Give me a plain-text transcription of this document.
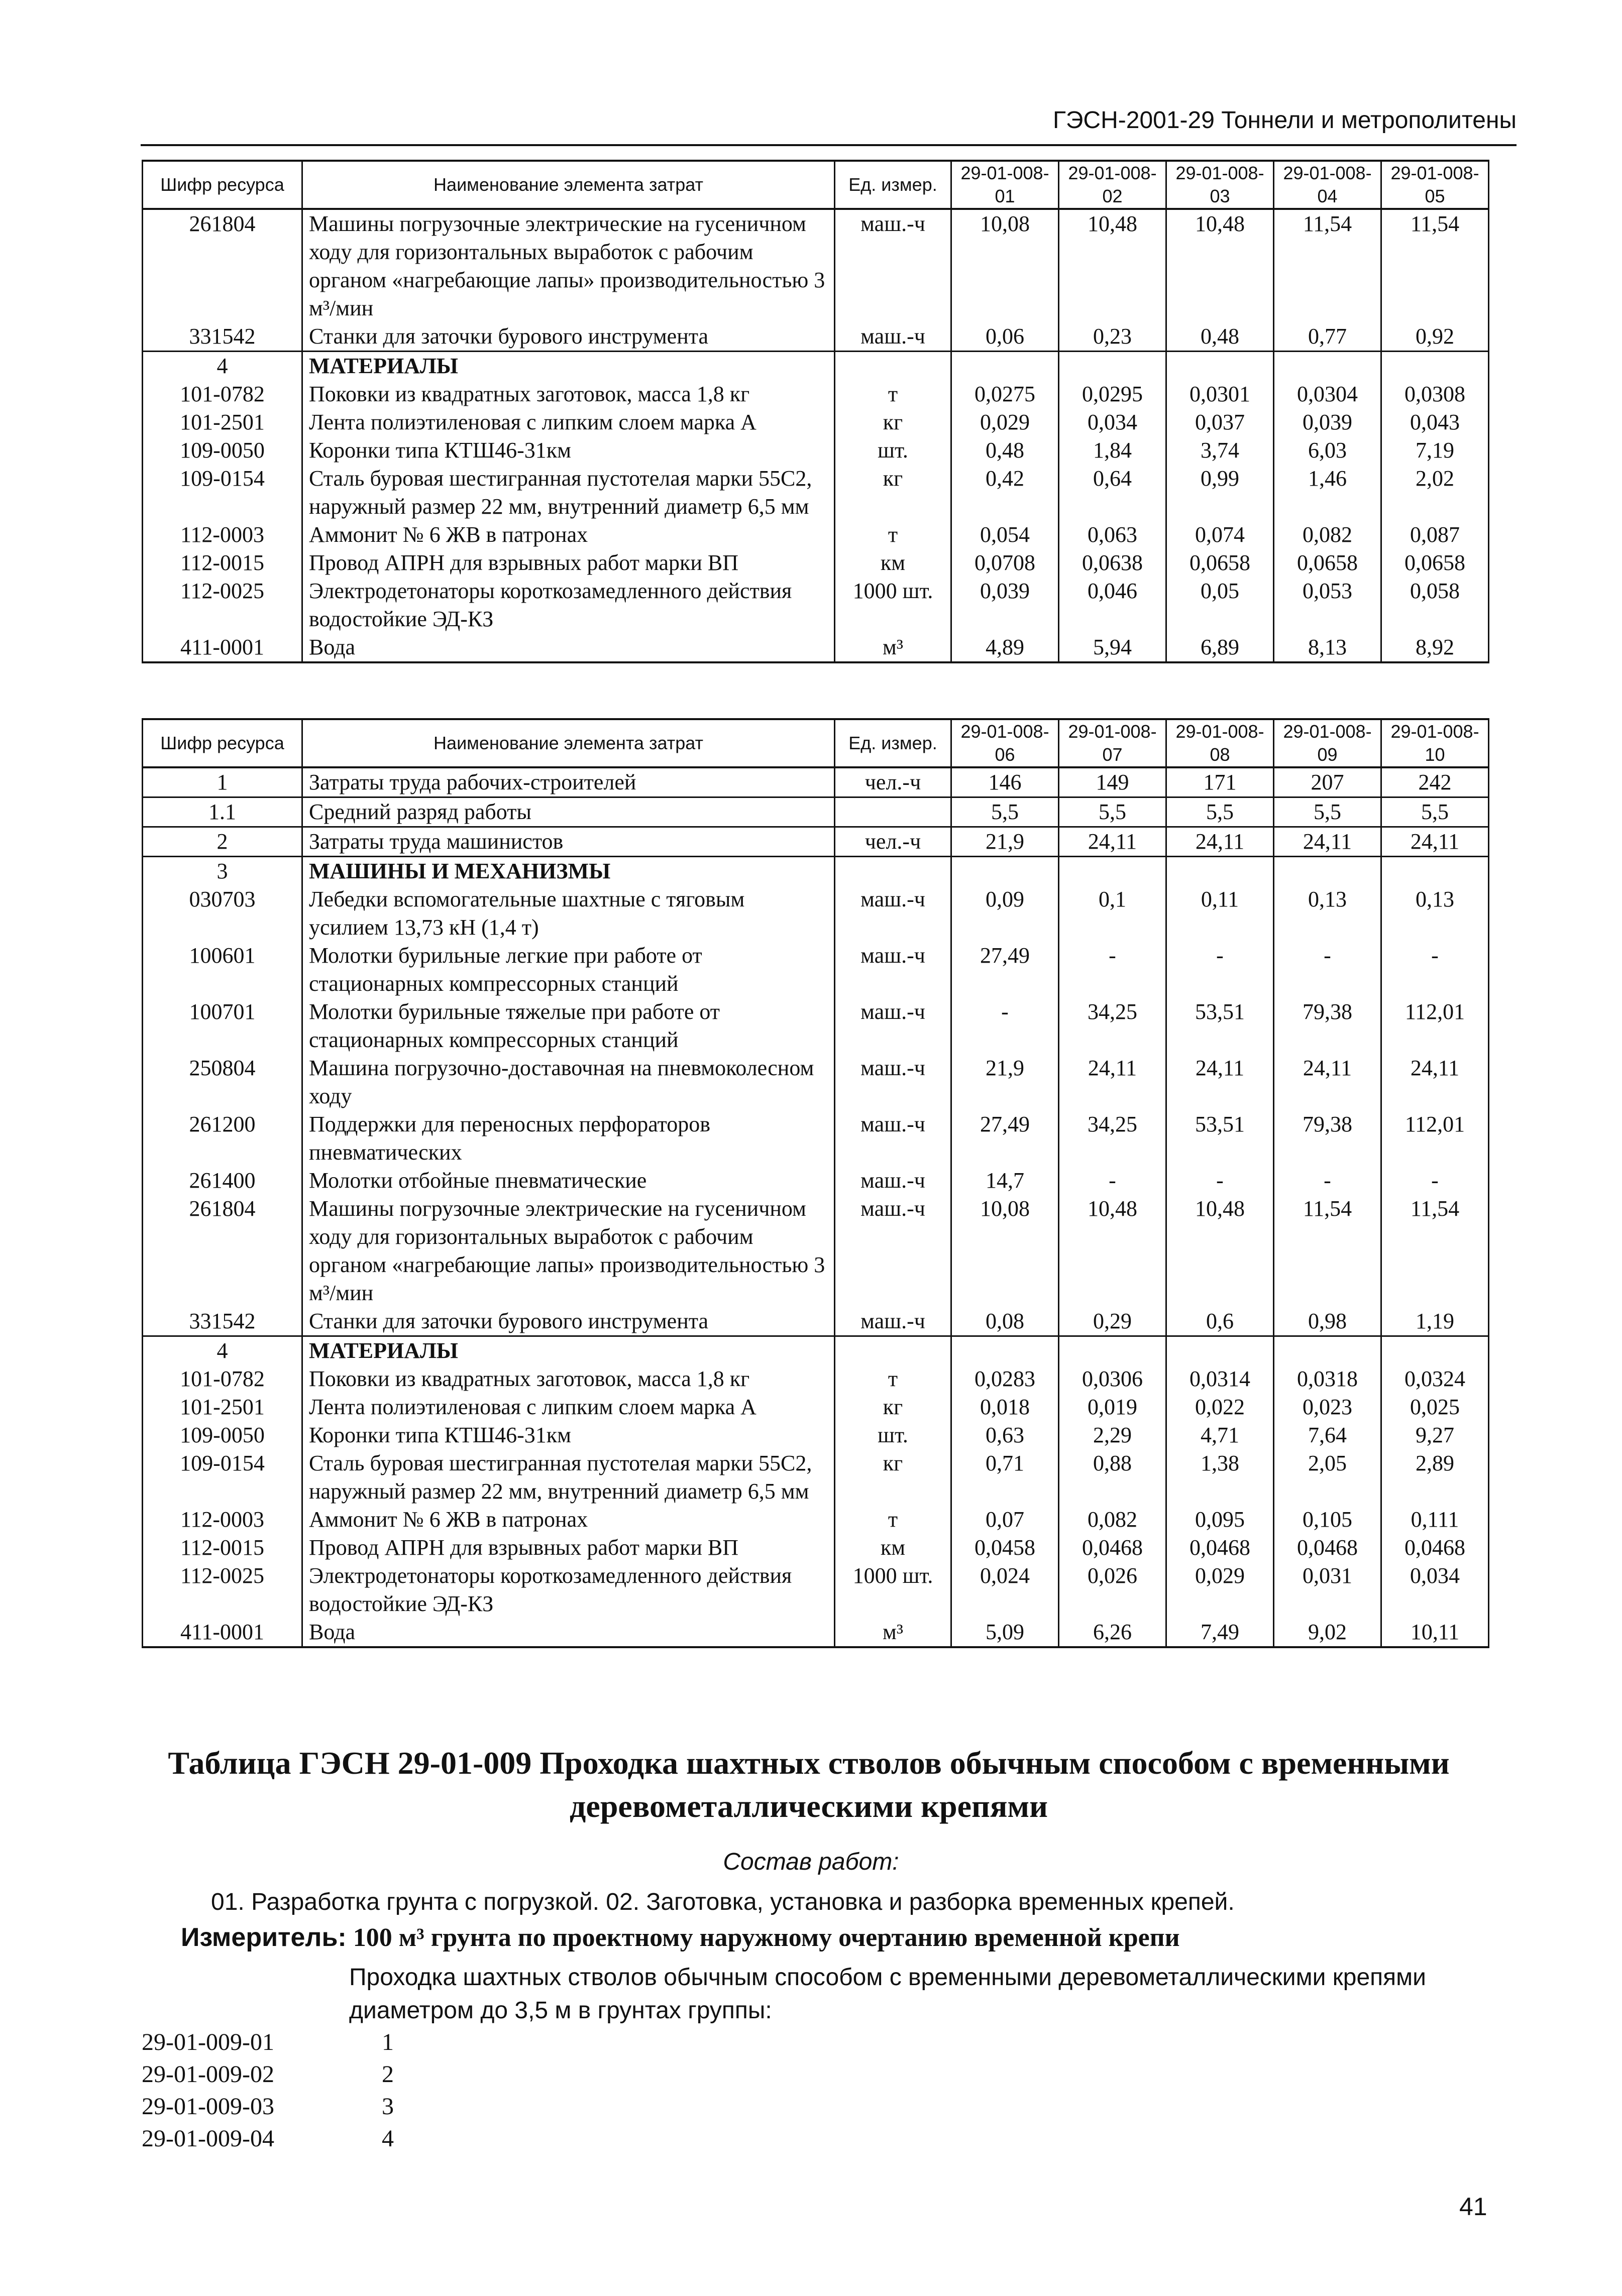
ГЭСН-2001-29 Тоннели и метрополитены
Шифр ресурса	Наименование элемента затрат	Ед. измер.	29-01-008-01	29-01-008-02	29-01-008-03	29-01-008-04	29-01-008-05
261804	Машины погрузочные электрические на гусеничном ходу для горизонтальных выработок с рабочим органом «нагребающие лапы» производительностью 3 м³/мин	маш.-ч	10,08	10,48	10,48	11,54	11,54
331542	Станки для заточки бурового инструмента	маш.-ч	0,06	0,23	0,48	0,77	0,92
4	МАТЕРИАЛЫ						
101-0782	Поковки из квадратных заготовок, масса 1,8 кг	т	0,0275	0,0295	0,0301	0,0304	0,0308
101-2501	Лента полиэтиленовая с липким слоем марка А	кг	0,029	0,034	0,037	0,039	0,043
109-0050	Коронки типа КТШ46-31км	шт.	0,48	1,84	3,74	6,03	7,19
109-0154	Сталь буровая шестигранная пустотелая марки 55С2, наружный размер 22 мм, внутренний диаметр 6,5 мм	кг	0,42	0,64	0,99	1,46	2,02
112-0003	Аммонит № 6 ЖВ в патронах	т	0,054	0,063	0,074	0,082	0,087
112-0015	Провод АПРН для взрывных работ марки ВП	км	0,0708	0,0638	0,0658	0,0658	0,0658
112-0025	Электродетонаторы короткозамедленного действия водостойкие ЭД-КЗ	1000 шт.	0,039	0,046	0,05	0,053	0,058
411-0001	Вода	м³	4,89	5,94	6,89	8,13	8,92
Шифр ресурса	Наименование элемента затрат	Ед. измер.	29-01-008-06	29-01-008-07	29-01-008-08	29-01-008-09	29-01-008-10
1	Затраты труда рабочих-строителей	чел.-ч	146	149	171	207	242
1.1	Средний разряд работы		5,5	5,5	5,5	5,5	5,5
2	Затраты труда машинистов	чел.-ч	21,9	24,11	24,11	24,11	24,11
3	МАШИНЫ И МЕХАНИЗМЫ						
030703	Лебедки вспомогательные шахтные с тяговым усилием 13,73 кН (1,4 т)	маш.-ч	0,09	0,1	0,11	0,13	0,13
100601	Молотки бурильные легкие при работе от стационарных компрессорных станций	маш.-ч	27,49	-	-	-	-
100701	Молотки бурильные тяжелые при работе от стационарных компрессорных станций	маш.-ч	-	34,25	53,51	79,38	112,01
250804	Машина погрузочно-доставочная на пневмоколесном ходу	маш.-ч	21,9	24,11	24,11	24,11	24,11
261200	Поддержки для переносных перфораторов пневматических	маш.-ч	27,49	34,25	53,51	79,38	112,01
261400	Молотки отбойные пневматические	маш.-ч	14,7	-	-	-	-
261804	Машины погрузочные электрические на гусеничном ходу для горизонтальных выработок с рабочим органом «нагребающие лапы» производительностью 3 м³/мин	маш.-ч	10,08	10,48	10,48	11,54	11,54
331542	Станки для заточки бурового инструмента	маш.-ч	0,08	0,29	0,6	0,98	1,19
4	МАТЕРИАЛЫ						
101-0782	Поковки из квадратных заготовок, масса 1,8 кг	т	0,0283	0,0306	0,0314	0,0318	0,0324
101-2501	Лента полиэтиленовая с липким слоем марка А	кг	0,018	0,019	0,022	0,023	0,025
109-0050	Коронки типа КТШ46-31км	шт.	0,63	2,29	4,71	7,64	9,27
109-0154	Сталь буровая шестигранная пустотелая марки 55С2, наружный размер 22 мм, внутренний диаметр 6,5 мм	кг	0,71	0,88	1,38	2,05	2,89
112-0003	Аммонит № 6 ЖВ в патронах	т	0,07	0,082	0,095	0,105	0,111
112-0015	Провод АПРН для взрывных работ марки ВП	км	0,0458	0,0468	0,0468	0,0468	0,0468
112-0025	Электродетонаторы короткозамедленного действия водостойкие ЭД-КЗ	1000 шт.	0,024	0,026	0,029	0,031	0,034
411-0001	Вода	м³	5,09	6,26	7,49	9,02	10,11
Таблица ГЭСН 29-01-009 Проходка шахтных стволов обычным способом с временными деревометаллическими крепями
Состав работ:
01. Разработка грунта с погрузкой. 02. Заготовка, установка и разборка временных крепей.
Измеритель: 100 м³ грунта по проектному наружному очертанию временной крепи
Проходка шахтных стволов обычным способом с временными деревометаллическими крепями диаметром до 3,5 м в грунтах группы:
29-01-009-01	1
29-01-009-02	2
29-01-009-03	3
29-01-009-04	4
41
